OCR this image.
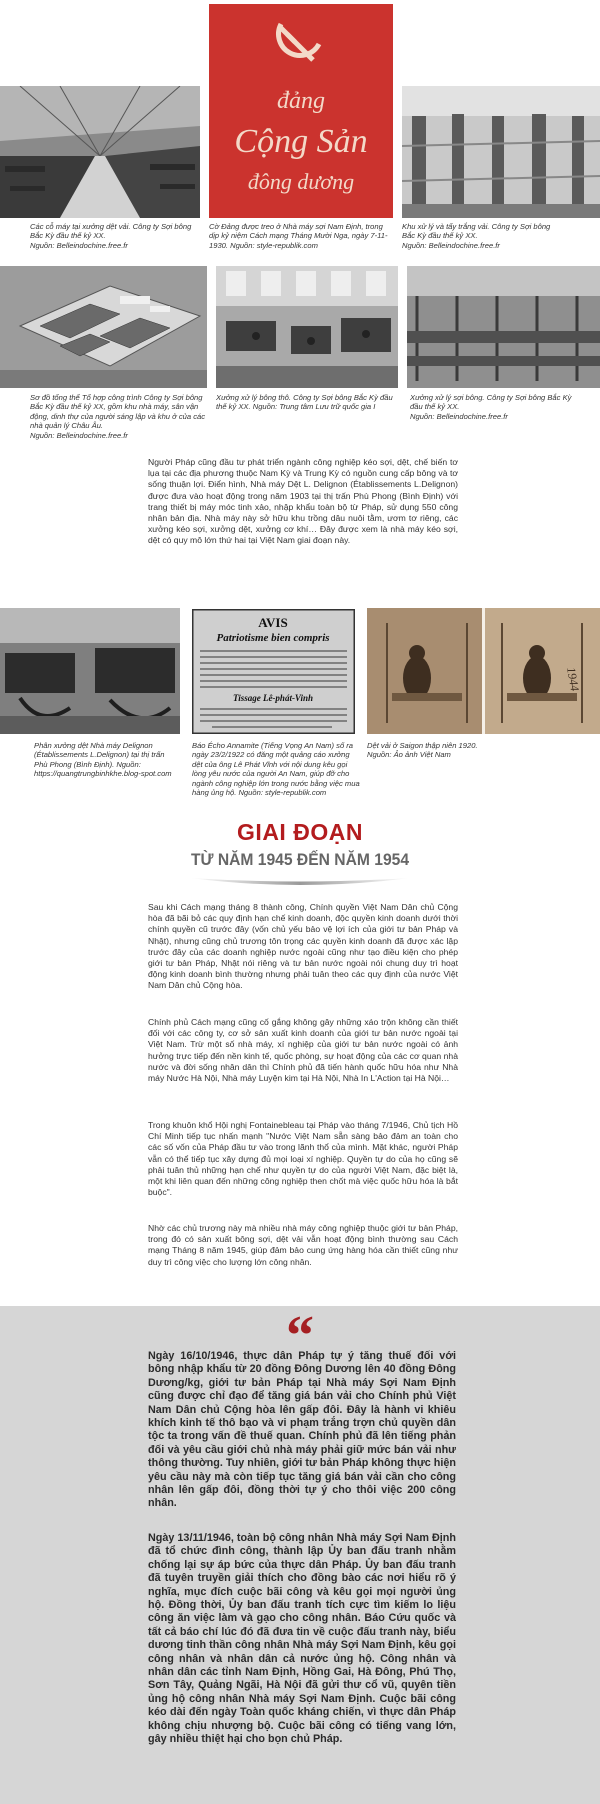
đảng
Cộng Sản
đông dương

Các cỗ máy tại xưởng dệt vải. Công ty Sợi bông Bắc Kỳ đầu thế kỷ XX.
Nguồn: Belleindochine.free.fr

Cờ Đảng được treo ở Nhà máy sợi Nam Định, trong dịp kỷ niệm Cách mạng Tháng Mười Nga, ngày 7-11-1930. Nguồn: style-republik.com

Khu xử lý và tẩy trắng vải. Công ty Sợi bông Bắc Kỳ đầu thế kỷ XX.
Nguồn: Belleindochine.free.fr

Sơ đồ tổng thể Tổ hợp công trình Công ty Sợi bông Bắc Kỳ đầu thế kỷ XX, gồm khu nhà máy, sân vận động, dinh thự của người sáng lập và khu ở của các nhà quản lý Châu Âu.
Nguồn: Belleindochine.free.fr

Xưởng xử lý bông thô. Công ty Sợi bông Bắc Kỳ đầu thế kỷ XX. Nguồn: Trung tâm Lưu trữ quốc gia I

Xưởng xử lý sợi bông. Công ty Sợi bông Bắc Kỳ đầu thế kỷ XX.
Nguồn: Belleindochine.free.fr

Người Pháp cũng đầu tư phát triển ngành công nghiệp kéo sợi, dệt, chế biến tơ lụa tại các địa phương thuộc Nam Kỳ và Trung Kỳ có nguồn cung cấp bông và tơ sống thuận lợi. Điển hình, Nhà máy Dệt L. Delignon (Établissements L.Delignon) được đưa vào hoạt động trong năm 1903 tại thị trấn Phù Phong (Bình Định) với trang thiết bị máy móc tinh xảo, nhập khẩu toàn bộ từ Pháp, sử dụng 550 công nhân bản địa. Nhà máy này sở hữu khu trồng dâu nuôi tằm, ươm tơ riêng, các xưởng kéo sợi, xưởng dệt, xưởng cơ khí… Đây được xem là nhà máy kéo sợi, dệt có quy mô lớn thứ hai tại Việt Nam giai đoạn này.

AVIS
Patriotisme bien compris
Tissage Lê-phát-Vinh
1944

Phân xưởng dệt Nhà máy Delignon (Établissements L.Delignon) tại thị trấn Phù Phong (Bình Định). Nguồn: https://quangtrungbinhkhe.blog-spot.com

Báo Écho Annamite (Tiếng Vọng An Nam) số ra ngày 23/2/1922 có đăng một quảng cáo xưởng dệt của ông Lê Phát Vĩnh với nội dung kêu gọi lòng yêu nước của người An Nam, giúp đỡ cho ngành công nghiệp lớn trong nước bằng việc mua hàng ủng hộ. Nguồn: style-republik.com

Dệt vải ở Saigon thập niên 1920.
Nguồn: Ảo ảnh Việt Nam

GIAI ĐOẠN
TỪ NĂM 1945 ĐẾN NĂM 1954

Sau khi Cách mạng tháng 8 thành công, Chính quyền Việt Nam Dân chủ Cộng hòa đã bãi bỏ các quy định hạn chế kinh doanh, độc quyền kinh doanh dưới thời chính quyền cũ trước đây (vốn chủ yếu bảo vệ lợi ích của giới tư bản Pháp và Nhật), nhưng cũng chủ trương tôn trọng các quyền kinh doanh đã được xác lập trước đây của các doanh nghiệp nước ngoài cũng như tạo điều kiện cho phép giới tư bản Pháp, Nhật nói riêng và tư bản nước ngoài nói chung duy trì hoạt động kinh doanh bình thường nhưng phải tuân theo các quy định của nước Việt Nam Dân chủ Cộng hòa.

Chính phủ Cách mạng cũng cố gắng không gây những xáo trộn không cần thiết đối với các công ty, cơ sở sản xuất kinh doanh của giới tư bản nước ngoài tại Việt Nam. Trừ một số nhà máy, xí nghiệp của giới tư bản nước ngoài có ảnh hưởng trực tiếp đến nền kinh tế, quốc phòng, sự hoạt động của các cơ quan nhà nước và đời sống nhân dân thì Chính phủ đã tiến hành quốc hữu hóa như Nhà máy Nước Hà Nội, Nhà máy Luyện kim tại Hà Nội, Nhà In L'Action tại Hà Nội…

Trong khuôn khổ Hội nghị Fontainebleau tại Pháp vào tháng 7/1946, Chủ tịch Hồ Chí Minh tiếp tục nhấn mạnh "Nước Việt Nam sẵn sàng bảo đảm an toàn cho các số vốn của Pháp đầu tư vào trong lãnh thổ của mình. Mặt khác, người Pháp vẫn có thể tiếp tục xây dựng đủ mọi loại xí nghiệp. Quyền tự do của họ cũng sẽ phải tuân thủ những hạn chế như quyền tự do của người Việt Nam, đặc biệt là, một khi liên quan đến những công nghiệp then chốt mà việc quốc hữu hóa là bắt buộc".

Nhờ các chủ trương này mà nhiều nhà máy công nghiệp thuộc giới tư bản Pháp, trong đó có sản xuất bông sợi, dệt vải vẫn hoạt động bình thường sau Cách mạng Tháng 8 năm 1945, giúp đảm bảo cung ứng hàng hóa cần thiết cũng như duy trì công việc cho lượng lớn công nhân.

“

Ngày 16/10/1946, thực dân Pháp tự ý tăng thuế đối với bông nhập khẩu từ 20 đồng Đông Dương lên 40 đồng Đông Dương/kg, giới tư bản Pháp tại Nhà máy Sợi Nam Định cũng được chỉ đạo để tăng giá bán vải cho Chính phủ Việt Nam Dân chủ Cộng hòa lên gấp đôi. Đây là hành vi khiêu khích kinh tế thô bạo và vi phạm trắng trợn chủ quyền dân tộc ta trong vấn đề thuế quan. Chính phủ đã lên tiếng phản đối và yêu cầu giới chủ nhà máy phải giữ mức bán vải như thông thường. Tuy nhiên, giới tư bản Pháp không thực hiện yêu cầu này mà còn tiếp tục tăng giá bán vải cần cho công nhân lên gấp đôi, đồng thời tự ý cho thôi việc 200 công nhân.

Ngày 13/11/1946, toàn bộ công nhân Nhà máy Sợi Nam Định đã tổ chức đình công, thành lập Ủy ban đấu tranh nhằm chống lại sự áp bức của thực dân Pháp. Ủy ban đấu tranh đã tuyên truyền giải thích cho đồng bào các nơi hiểu rõ ý nghĩa, mục đích cuộc bãi công và kêu gọi mọi người ủng hộ. Đồng thời, Ủy ban đấu tranh tích cực tìm kiếm lo liệu công ăn việc làm và gạo cho công nhân. Báo Cứu quốc và tất cả báo chí lúc đó đã đưa tin về cuộc đấu tranh này, biểu dương tinh thần công nhân Nhà máy Sợi Nam Định, kêu gọi công nhân và nhân dân cả nước ủng hộ. Công nhân và nhân dân các tỉnh Nam Định, Hồng Gai, Hà Đông, Phú Thọ, Sơn Tây, Quảng Ngãi, Hà Nội đã gửi thư cổ vũ, quyên tiền ủng hộ công nhân Nhà máy Sợi Nam Định. Cuộc bãi công kéo dài đến ngày Toàn quốc kháng chiến, vì thực dân Pháp không chịu nhượng bộ. Cuộc bãi công có tiếng vang lớn, gây nhiều thiệt hại cho bọn chủ Pháp.
